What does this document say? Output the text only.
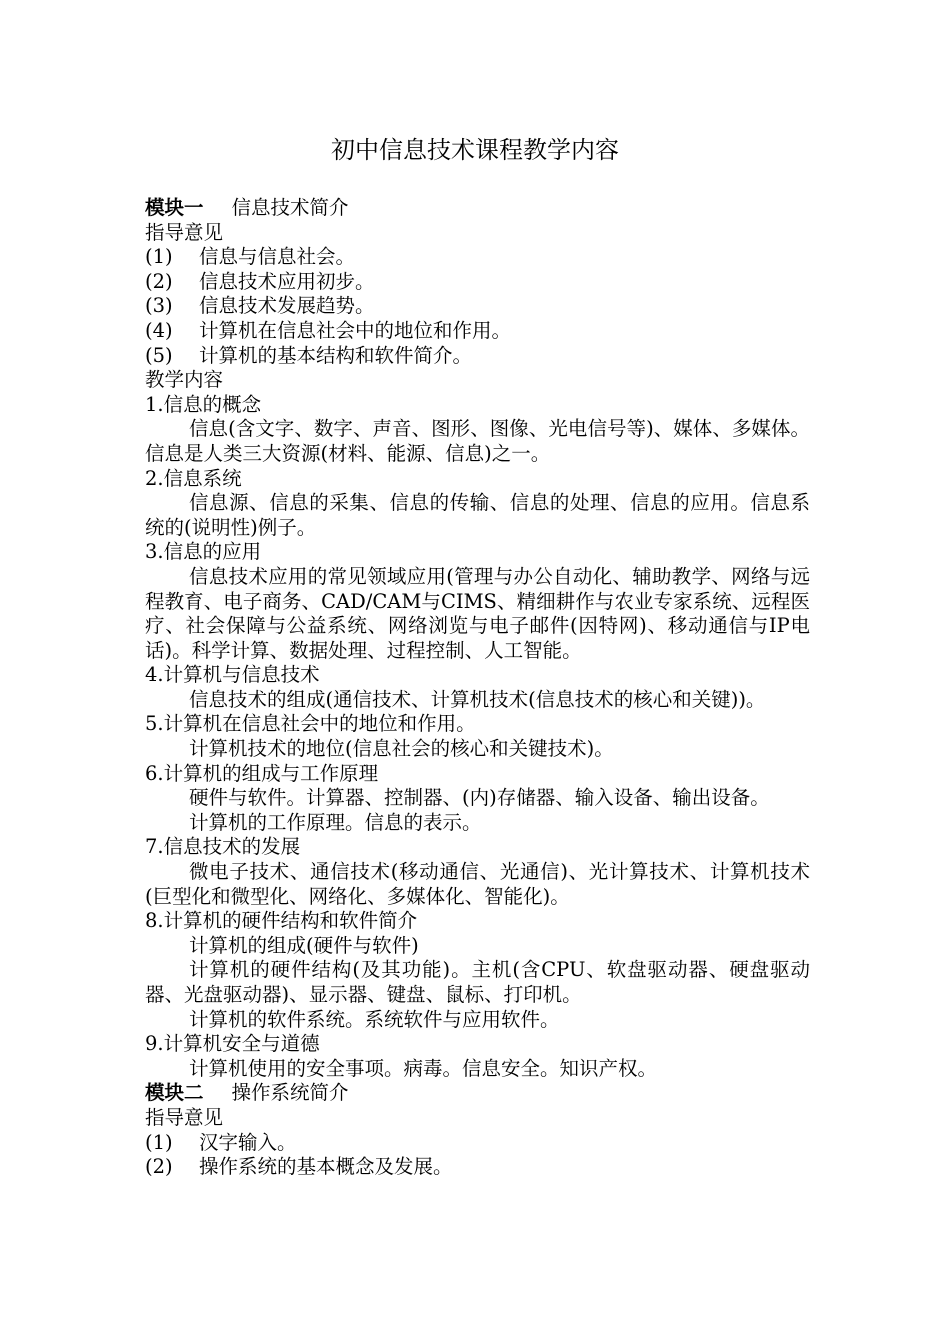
初中信息技术课程教学内容
模块一 信息技术简介
指导意见
(1) 信息与信息社会。
(2) 信息技术应用初步。
(3) 信息技术发展趋势。
(4) 计算机在信息社会中的地位和作用。
(5) 计算机的基本结构和软件简介。
教学内容
1.信息的概念
信息(含文字、数字、声音、图形、图像、光电信号等)、媒体、多媒体。信息是人类三大资源(材料、能源、信息)之一。
2.信息系统
信息源、信息的采集、信息的传输、信息的处理、信息的应用。信息系统的(说明性)例子。
3.信息的应用
信息技术应用的常见领域应用(管理与办公自动化、辅助教学、网络与远程教育、电子商务、CAD/CAM与CIMS、精细耕作与农业专家系统、远程医疗、社会保障与公益系统、网络浏览与电子邮件(因特网)、移动通信与IP电话)。科学计算、数据处理、过程控制、人工智能。
4.计算机与信息技术
信息技术的组成(通信技术、计算机技术(信息技术的核心和关键))。
5.计算机在信息社会中的地位和作用。
计算机技术的地位(信息社会的核心和关键技术)。
6.计算机的组成与工作原理
硬件与软件。计算器、控制器、(内)存储器、输入设备、输出设备。
计算机的工作原理。信息的表示。
7.信息技术的发展
微电子技术、通信技术(移动通信、光通信)、光计算技术、计算机技术(巨型化和微型化、网络化、多媒体化、智能化)。
8.计算机的硬件结构和软件简介
计算机的组成(硬件与软件)
计算机的硬件结构(及其功能)。主机(含CPU、软盘驱动器、硬盘驱动器、光盘驱动器)、显示器、键盘、鼠标、打印机。
计算机的软件系统。系统软件与应用软件。
9.计算机安全与道德
计算机使用的安全事项。病毒。信息安全。知识产权。
模块二 操作系统简介
指导意见
(1) 汉字输入。
(2) 操作系统的基本概念及发展。
